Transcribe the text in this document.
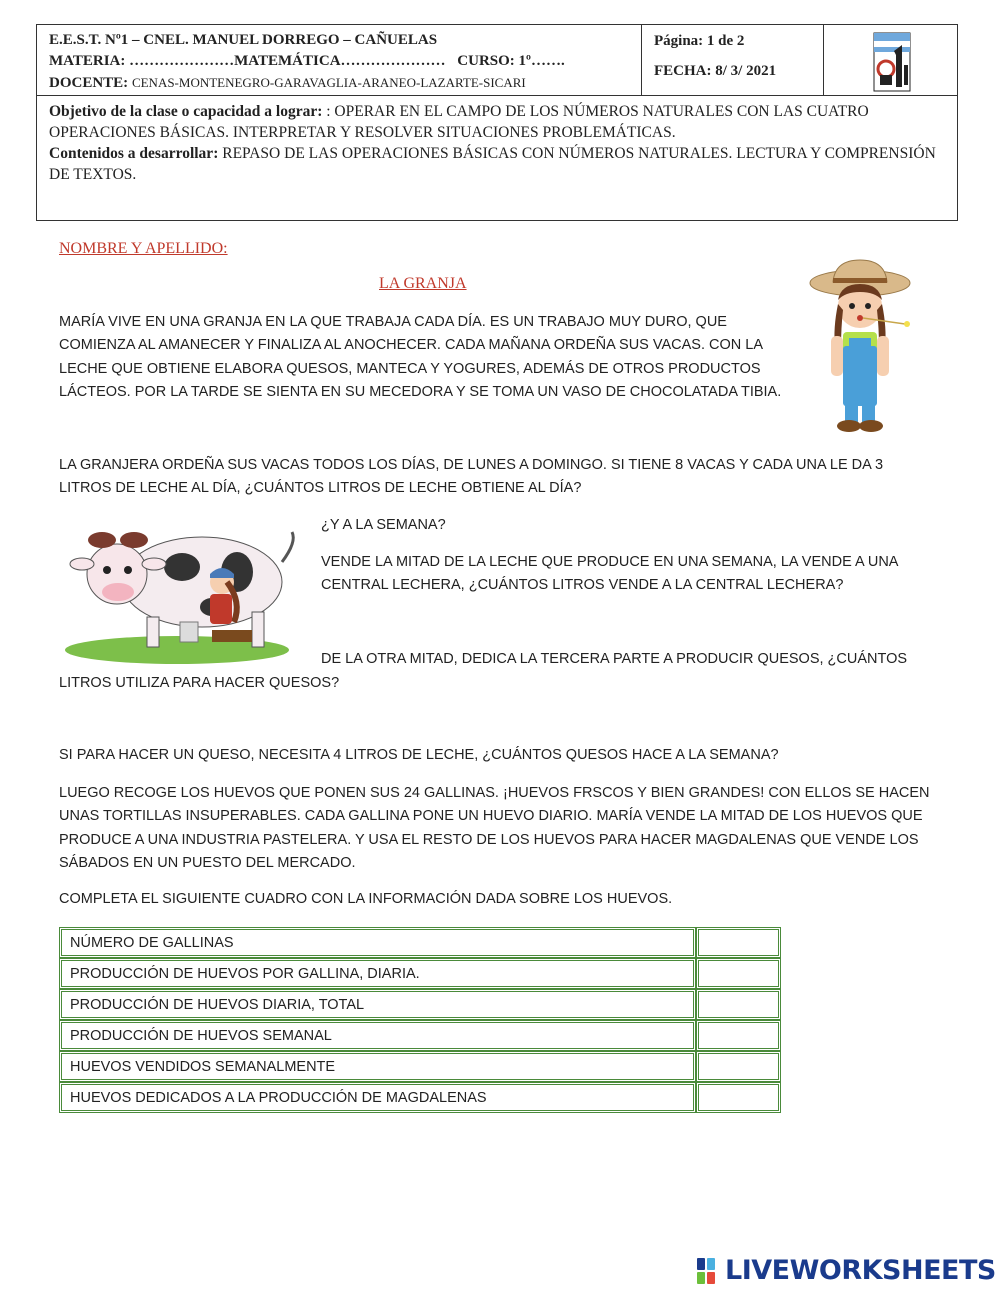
E.E.S.T. Nº1 – CNEL. MANUEL DORREGO – CAÑUELAS
MATERIA: …………………MATEMÁTICA………………… CURSO: 1º…….
DOCENTE: CENAS-MONTENEGRO-GARAVAGLIA-ARANEO-LAZARTE-SICARI
Página: 1 de 2
FECHA: 8/ 3/ 2021
Objetivo de la clase o capacidad a lograr: : OPERAR EN EL CAMPO DE LOS NÚMEROS NATURALES CON LAS CUATRO OPERACIONES BÁSICAS. INTERPRETAR Y RESOLVER SITUACIONES PROBLEMÁTICAS.
Contenidos a desarrollar: REPASO DE LAS OPERACIONES BÁSICAS CON NÚMEROS NATURALES. LECTURA Y COMPRENSIÓN DE TEXTOS.
NOMBRE Y APELLIDO:
LA GRANJA
MARÍA VIVE EN UNA GRANJA EN LA QUE TRABAJA CADA DÍA. ES UN TRABAJO MUY DURO, QUE COMIENZA AL AMANECER Y FINALIZA AL ANOCHECER. CADA MAÑANA ORDEÑA SUS VACAS. CON LA LECHE QUE OBTIENE ELABORA QUESOS, MANTECA Y YOGURES, ADEMÁS DE OTROS PRODUCTOS LÁCTEOS. POR LA TARDE SE SIENTA EN SU MECEDORA Y SE TOMA UN VASO DE CHOCOLATADA TIBIA.
LA GRANJERA ORDEÑA SUS VACAS TODOS LOS DÍAS, DE LUNES A DOMINGO. SI TIENE 8 VACAS Y CADA UNA LE DA 3 LITROS DE LECHE AL DÍA, ¿CUÁNTOS LITROS DE LECHE OBTIENE AL DÍA?
¿Y A LA SEMANA?
VENDE LA MITAD DE LA LECHE QUE PRODUCE EN UNA SEMANA, LA VENDE A UNA CENTRAL LECHERA, ¿CUÁNTOS LITROS VENDE A LA CENTRAL LECHERA?
DE LA OTRA MITAD, DEDICA LA TERCERA PARTE A PRODUCIR QUESOS, ¿CUÁNTOS
LITROS UTILIZA PARA HACER QUESOS?
SI PARA HACER UN QUESO, NECESITA 4 LITROS DE LECHE, ¿CUÁNTOS QUESOS HACE A LA SEMANA?
LUEGO RECOGE LOS HUEVOS QUE PONEN SUS 24 GALLINAS. ¡HUEVOS FRSCOS Y BIEN GRANDES! CON ELLOS SE HACEN UNAS TORTILLAS INSUPERABLES. CADA GALLINA PONE UN HUEVO DIARIO. MARÍA VENDE LA MITAD DE LOS HUEVOS QUE PRODUCE A UNA INDUSTRIA PASTELERA. Y USA EL RESTO DE LOS HUEVOS PARA HACER MAGDALENAS QUE VENDE LOS SÁBADOS EN UN PUESTO DEL MERCADO.
COMPLETA EL SIGUIENTE CUADRO CON LA INFORMACIÓN DADA SOBRE LOS HUEVOS.
NÚMERO DE GALLINAS	
PRODUCCIÓN DE HUEVOS POR GALLINA, DIARIA.	
PRODUCCIÓN DE HUEVOS DIARIA, TOTAL	
PRODUCCIÓN DE HUEVOS SEMANAL	
HUEVOS VENDIDOS SEMANALMENTE	
HUEVOS DEDICADOS A LA PRODUCCIÓN DE MAGDALENAS	
LIVEWORKSHEETS
